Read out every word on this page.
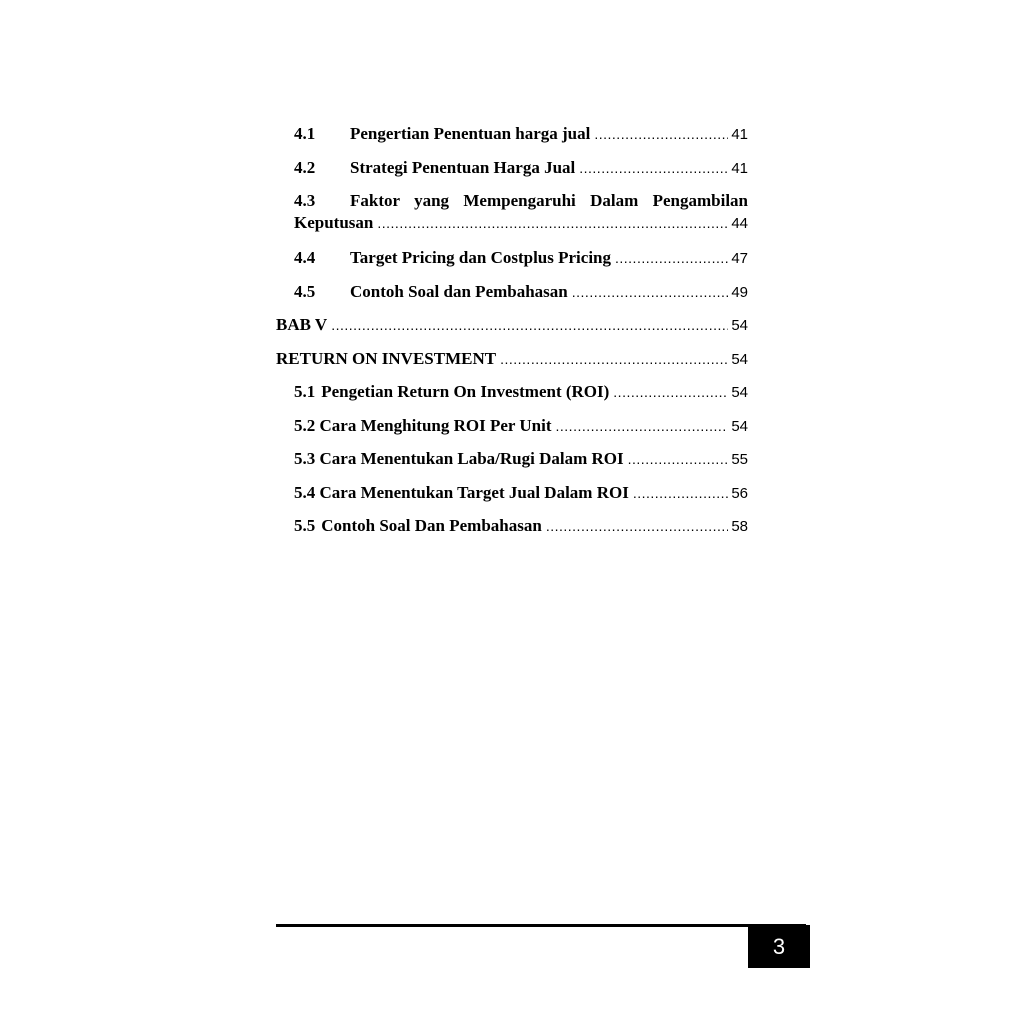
4.1	Pengertian Penentuan harga jual .....	41
4.2	Strategi Penentuan Harga Jual .....	41
4.3	Faktor yang Mempengaruhi Dalam Pengambilan
Keputusan .....	44
4.4	Target Pricing dan Costplus Pricing .....	47
4.5	Contoh Soal dan Pembahasan .....	49
BAB V .....	54
RETURN ON INVESTMENT .....	54
5.1 Pengetian Return On Investment (ROI) .....	54
5.2 Cara Menghitung ROI Per Unit .....	54
5.3 Cara Menentukan Laba/Rugi Dalam ROI .....	55
5.4 Cara Menentukan Target Jual Dalam ROI .....	56
5.5 Contoh Soal Dan Pembahasan .....	58
3
